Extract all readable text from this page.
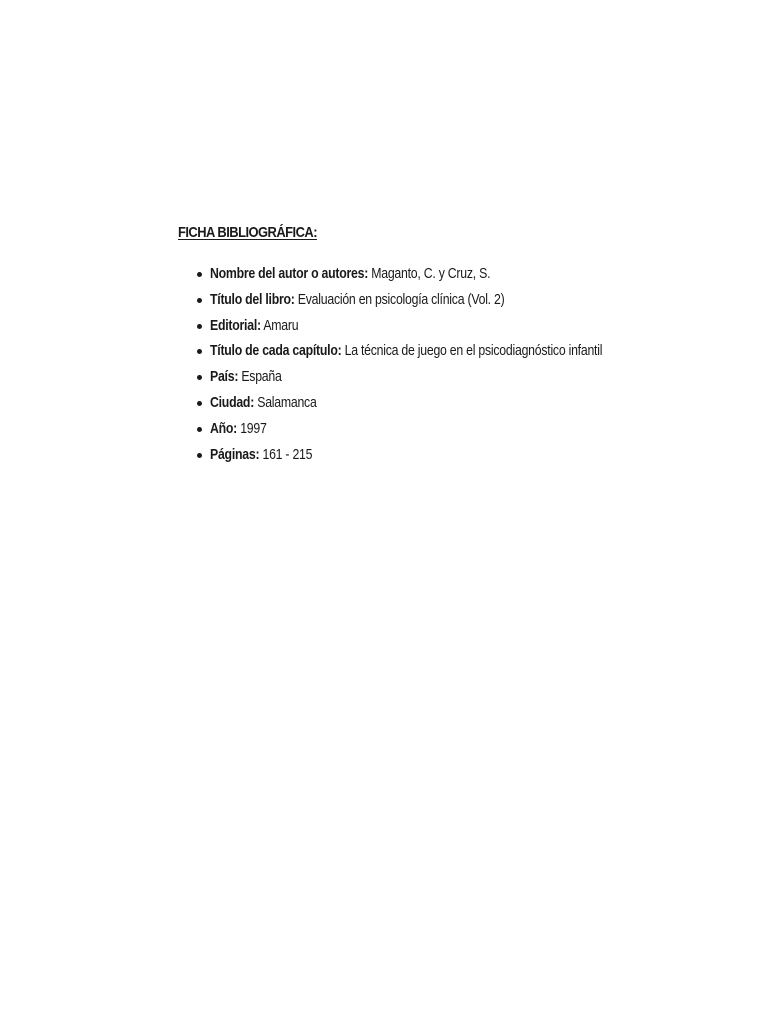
FICHA BIBLIOGRÁFICA:
Nombre del autor o autores: Maganto, C. y Cruz, S.
Título del libro: Evaluación en psicología clínica (Vol. 2)
Editorial: Amaru
Título de cada capítulo: La técnica de juego en el psicodiagnóstico infantil
País: España
Ciudad: Salamanca
Año: 1997
Páginas: 161 - 215
